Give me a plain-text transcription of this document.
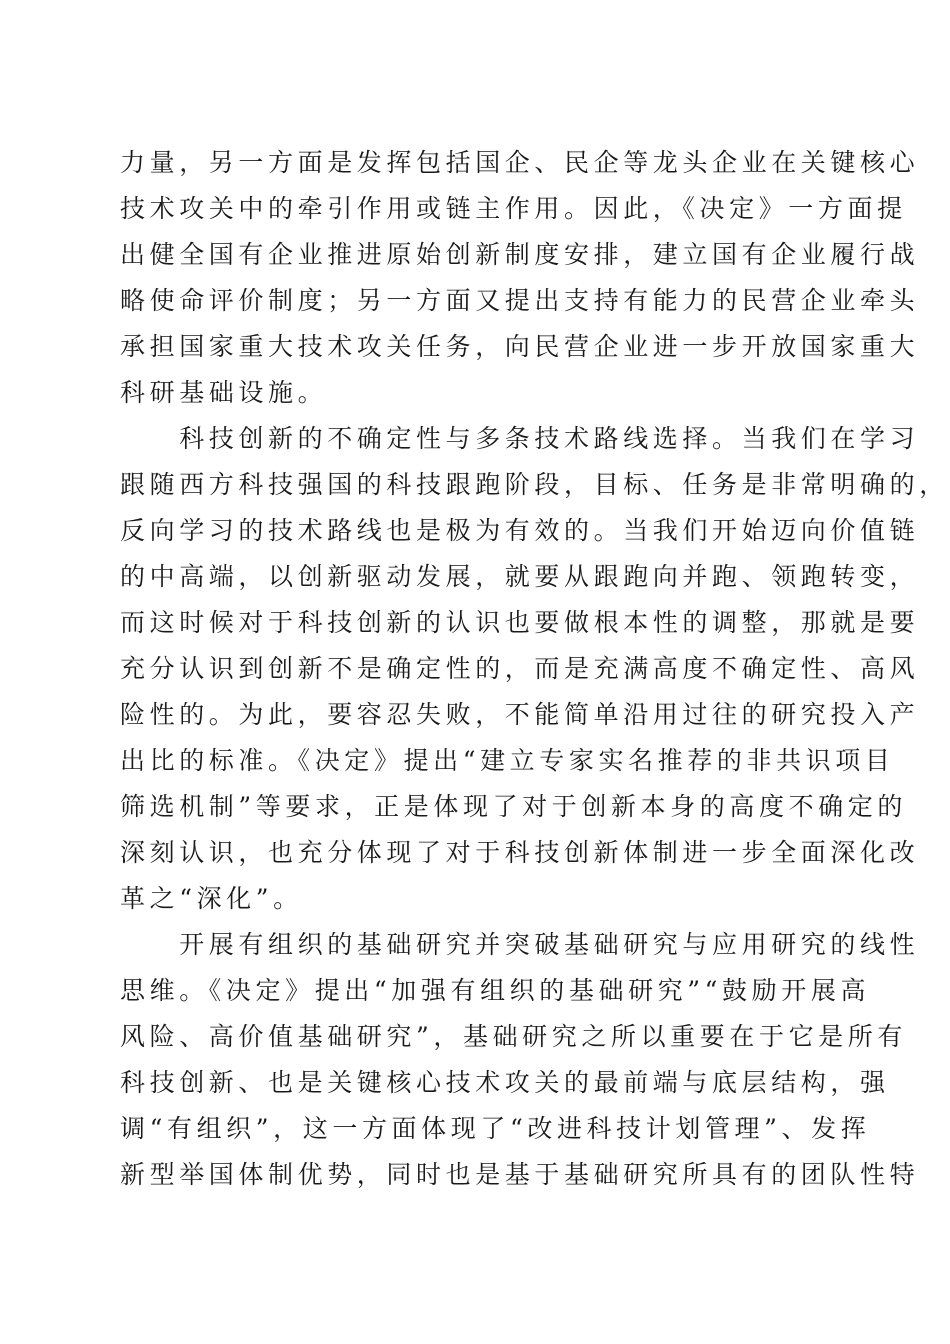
力量，另一方面是发挥包括国企、民企等龙头企业在关键核心
技术攻关中的牵引作用或链主作用。因此，《决定》一方面提
出健全国有企业推进原始创新制度安排，建立国有企业履行战
略使命评价制度；另一方面又提出支持有能力的民营企业牵头
承担国家重大技术攻关任务，向民营企业进一步开放国家重大
科研基础设施。
　　科技创新的不确定性与多条技术路线选择。当我们在学习
跟随西方科技强国的科技跟跑阶段，目标、任务是非常明确的，
反向学习的技术路线也是极为有效的。当我们开始迈向价值链
的中高端，以创新驱动发展，就要从跟跑向并跑、领跑转变，
而这时候对于科技创新的认识也要做根本性的调整，那就是要
充分认识到创新不是确定性的，而是充满高度不确定性、高风
险性的。为此，要容忍失败，不能简单沿用过往的研究投入产
出比的标准。《决定》提出“建立专家实名推荐的非共识项目
筛选机制”等要求，正是体现了对于创新本身的高度不确定的
深刻认识，也充分体现了对于科技创新体制进一步全面深化改
革之“深化”。
　　开展有组织的基础研究并突破基础研究与应用研究的线性
思维。《决定》提出“加强有组织的基础研究”“鼓励开展高
风险、高价值基础研究”，基础研究之所以重要在于它是所有
科技创新、也是关键核心技术攻关的最前端与底层结构，强
调“有组织”，这一方面体现了“改进科技计划管理”、发挥
新型举国体制优势，同时也是基于基础研究所具有的团队性特
